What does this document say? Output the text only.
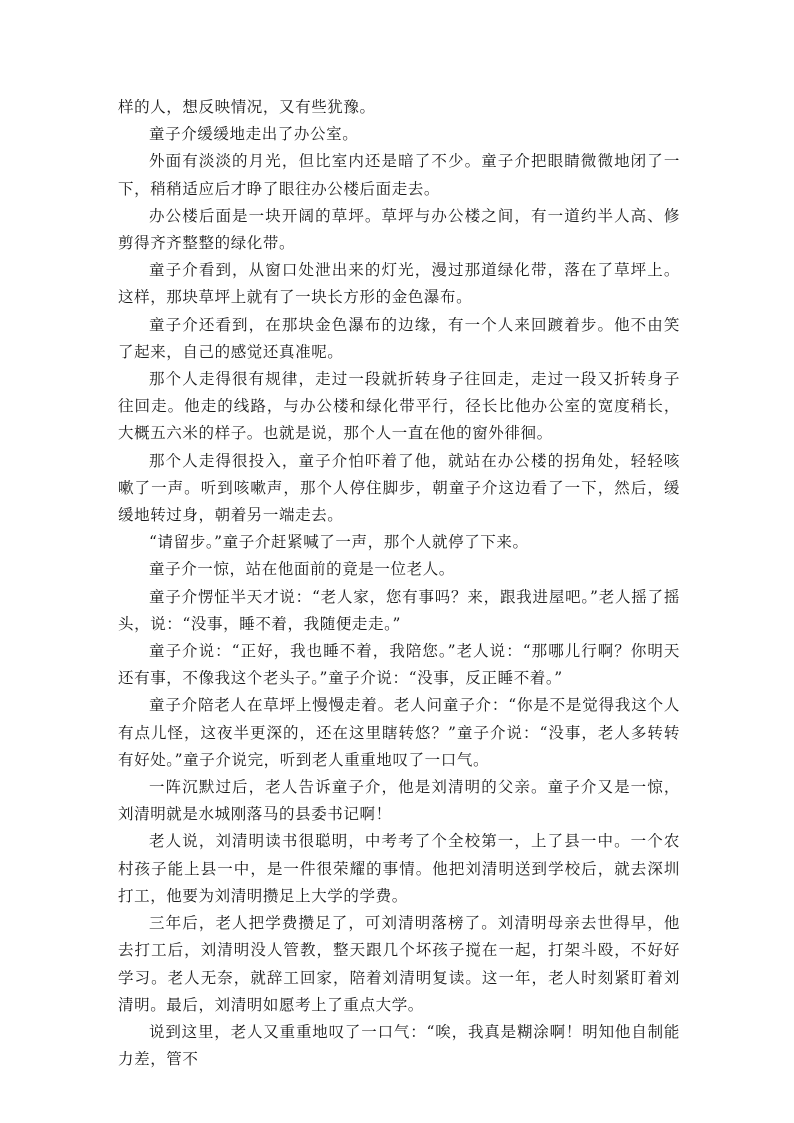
样的人，想反映情况，又有些犹豫。

童子介缓缓地走出了办公室。

外面有淡淡的月光，但比室内还是暗了不少。童子介把眼睛微微地闭了一下，稍稍适应后才睁了眼往办公楼后面走去。

办公楼后面是一块开阔的草坪。草坪与办公楼之间，有一道约半人高、修剪得齐齐整整的绿化带。

童子介看到，从窗口处泄出来的灯光，漫过那道绿化带，落在了草坪上。这样，那块草坪上就有了一块长方形的金色瀑布。

童子介还看到，在那块金色瀑布的边缘，有一个人来回踱着步。他不由笑了起来，自己的感觉还真准呢。

那个人走得很有规律，走过一段就折转身子往回走，走过一段又折转身子往回走。他走的线路，与办公楼和绿化带平行，径长比他办公室的宽度稍长，大概五六米的样子。也就是说，那个人一直在他的窗外徘徊。

那个人走得很投入，童子介怕吓着了他，就站在办公楼的拐角处，轻轻咳嗽了一声。听到咳嗽声，那个人停住脚步，朝童子介这边看了一下，然后，缓缓地转过身，朝着另一端走去。

“请留步。”童子介赶紧喊了一声，那个人就停了下来。

童子介一惊，站在他面前的竟是一位老人。

童子介愣怔半天才说：“老人家，您有事吗？来，跟我进屋吧。”老人摇了摇头，说：“没事，睡不着，我随便走走。”

童子介说：“正好，我也睡不着，我陪您。”老人说：“那哪儿行啊？你明天还有事，不像我这个老头子。”童子介说：“没事，反正睡不着。”

童子介陪老人在草坪上慢慢走着。老人问童子介：“你是不是觉得我这个人有点儿怪，这夜半更深的，还在这里瞎转悠？”童子介说：“没事，老人多转转有好处。”童子介说完，听到老人重重地叹了一口气。

一阵沉默过后，老人告诉童子介，他是刘清明的父亲。童子介又是一惊，刘清明就是水城刚落马的县委书记啊！

老人说，刘清明读书很聪明，中考考了个全校第一，上了县一中。一个农村孩子能上县一中，是一件很荣耀的事情。他把刘清明送到学校后，就去深圳打工，他要为刘清明攒足上大学的学费。

三年后，老人把学费攒足了，可刘清明落榜了。刘清明母亲去世得早，他去打工后，刘清明没人管教，整天跟几个坏孩子搅在一起，打架斗殴，不好好学习。老人无奈，就辞工回家，陪着刘清明复读。这一年，老人时刻紧盯着刘清明。最后，刘清明如愿考上了重点大学。

说到这里，老人又重重地叹了一口气：“唉，我真是糊涂啊！明知他自制能力差，管不
